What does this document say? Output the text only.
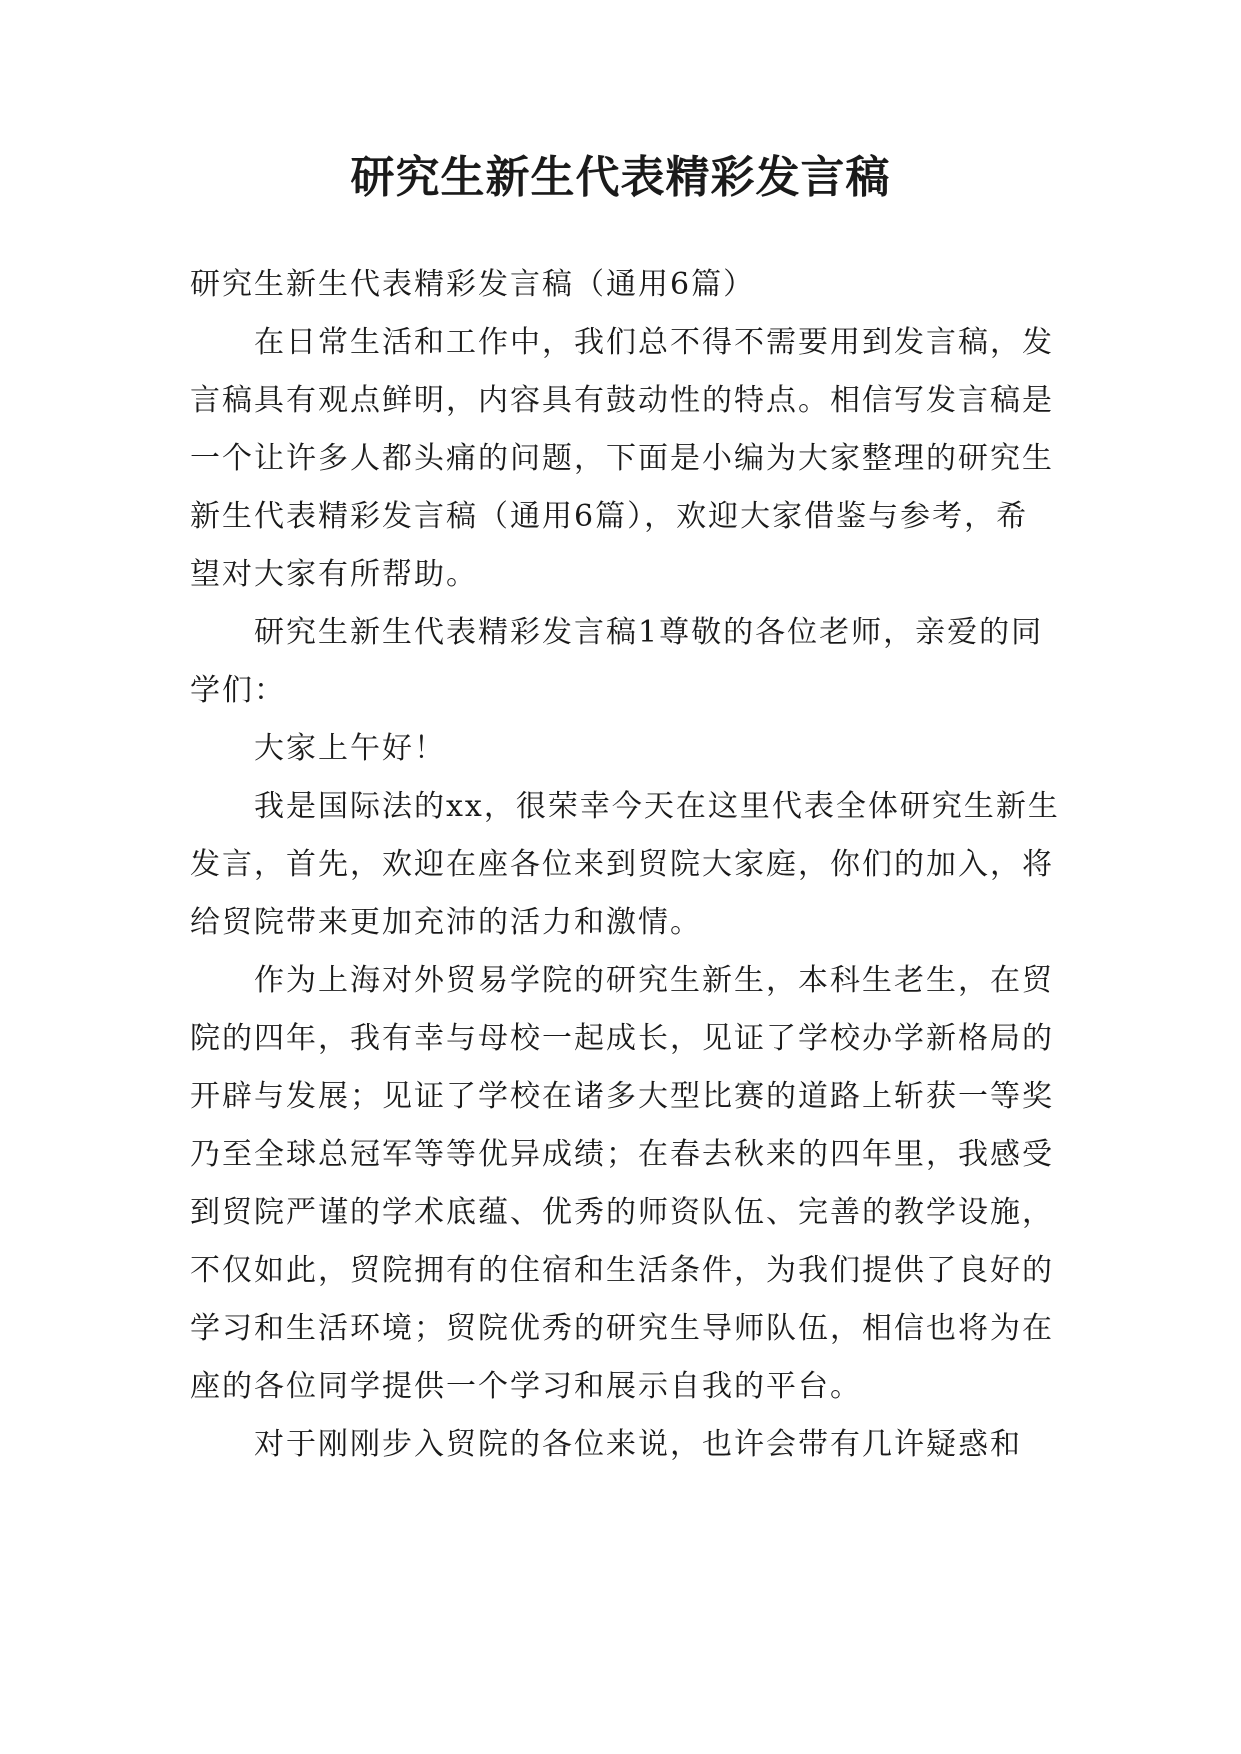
研究生新生代表精彩发言稿

研究生新生代表精彩发言稿（通用6篇）

在日常生活和工作中，我们总不得不需要用到发言稿，发言稿具有观点鲜明，内容具有鼓动性的特点。相信写发言稿是一个让许多人都头痛的问题，下面是小编为大家整理的研究生新生代表精彩发言稿（通用6篇），欢迎大家借鉴与参考，希望对大家有所帮助。

研究生新生代表精彩发言稿1尊敬的各位老师，亲爱的同学们：

大家上午好！

我是国际法的xx，很荣幸今天在这里代表全体研究生新生发言，首先，欢迎在座各位来到贸院大家庭，你们的加入，将给贸院带来更加充沛的活力和激情。

作为上海对外贸易学院的研究生新生，本科生老生，在贸院的四年，我有幸与母校一起成长，见证了学校办学新格局的开辟与发展；见证了学校在诸多大型比赛的道路上斩获一等奖乃至全球总冠军等等优异成绩；在春去秋来的四年里，我感受到贸院严谨的学术底蕴、优秀的师资队伍、完善的教学设施，不仅如此，贸院拥有的住宿和生活条件，为我们提供了良好的学习和生活环境；贸院优秀的研究生导师队伍，相信也将为在座的各位同学提供一个学习和展示自我的平台。

对于刚刚步入贸院的各位来说，也许会带有几许疑惑和
